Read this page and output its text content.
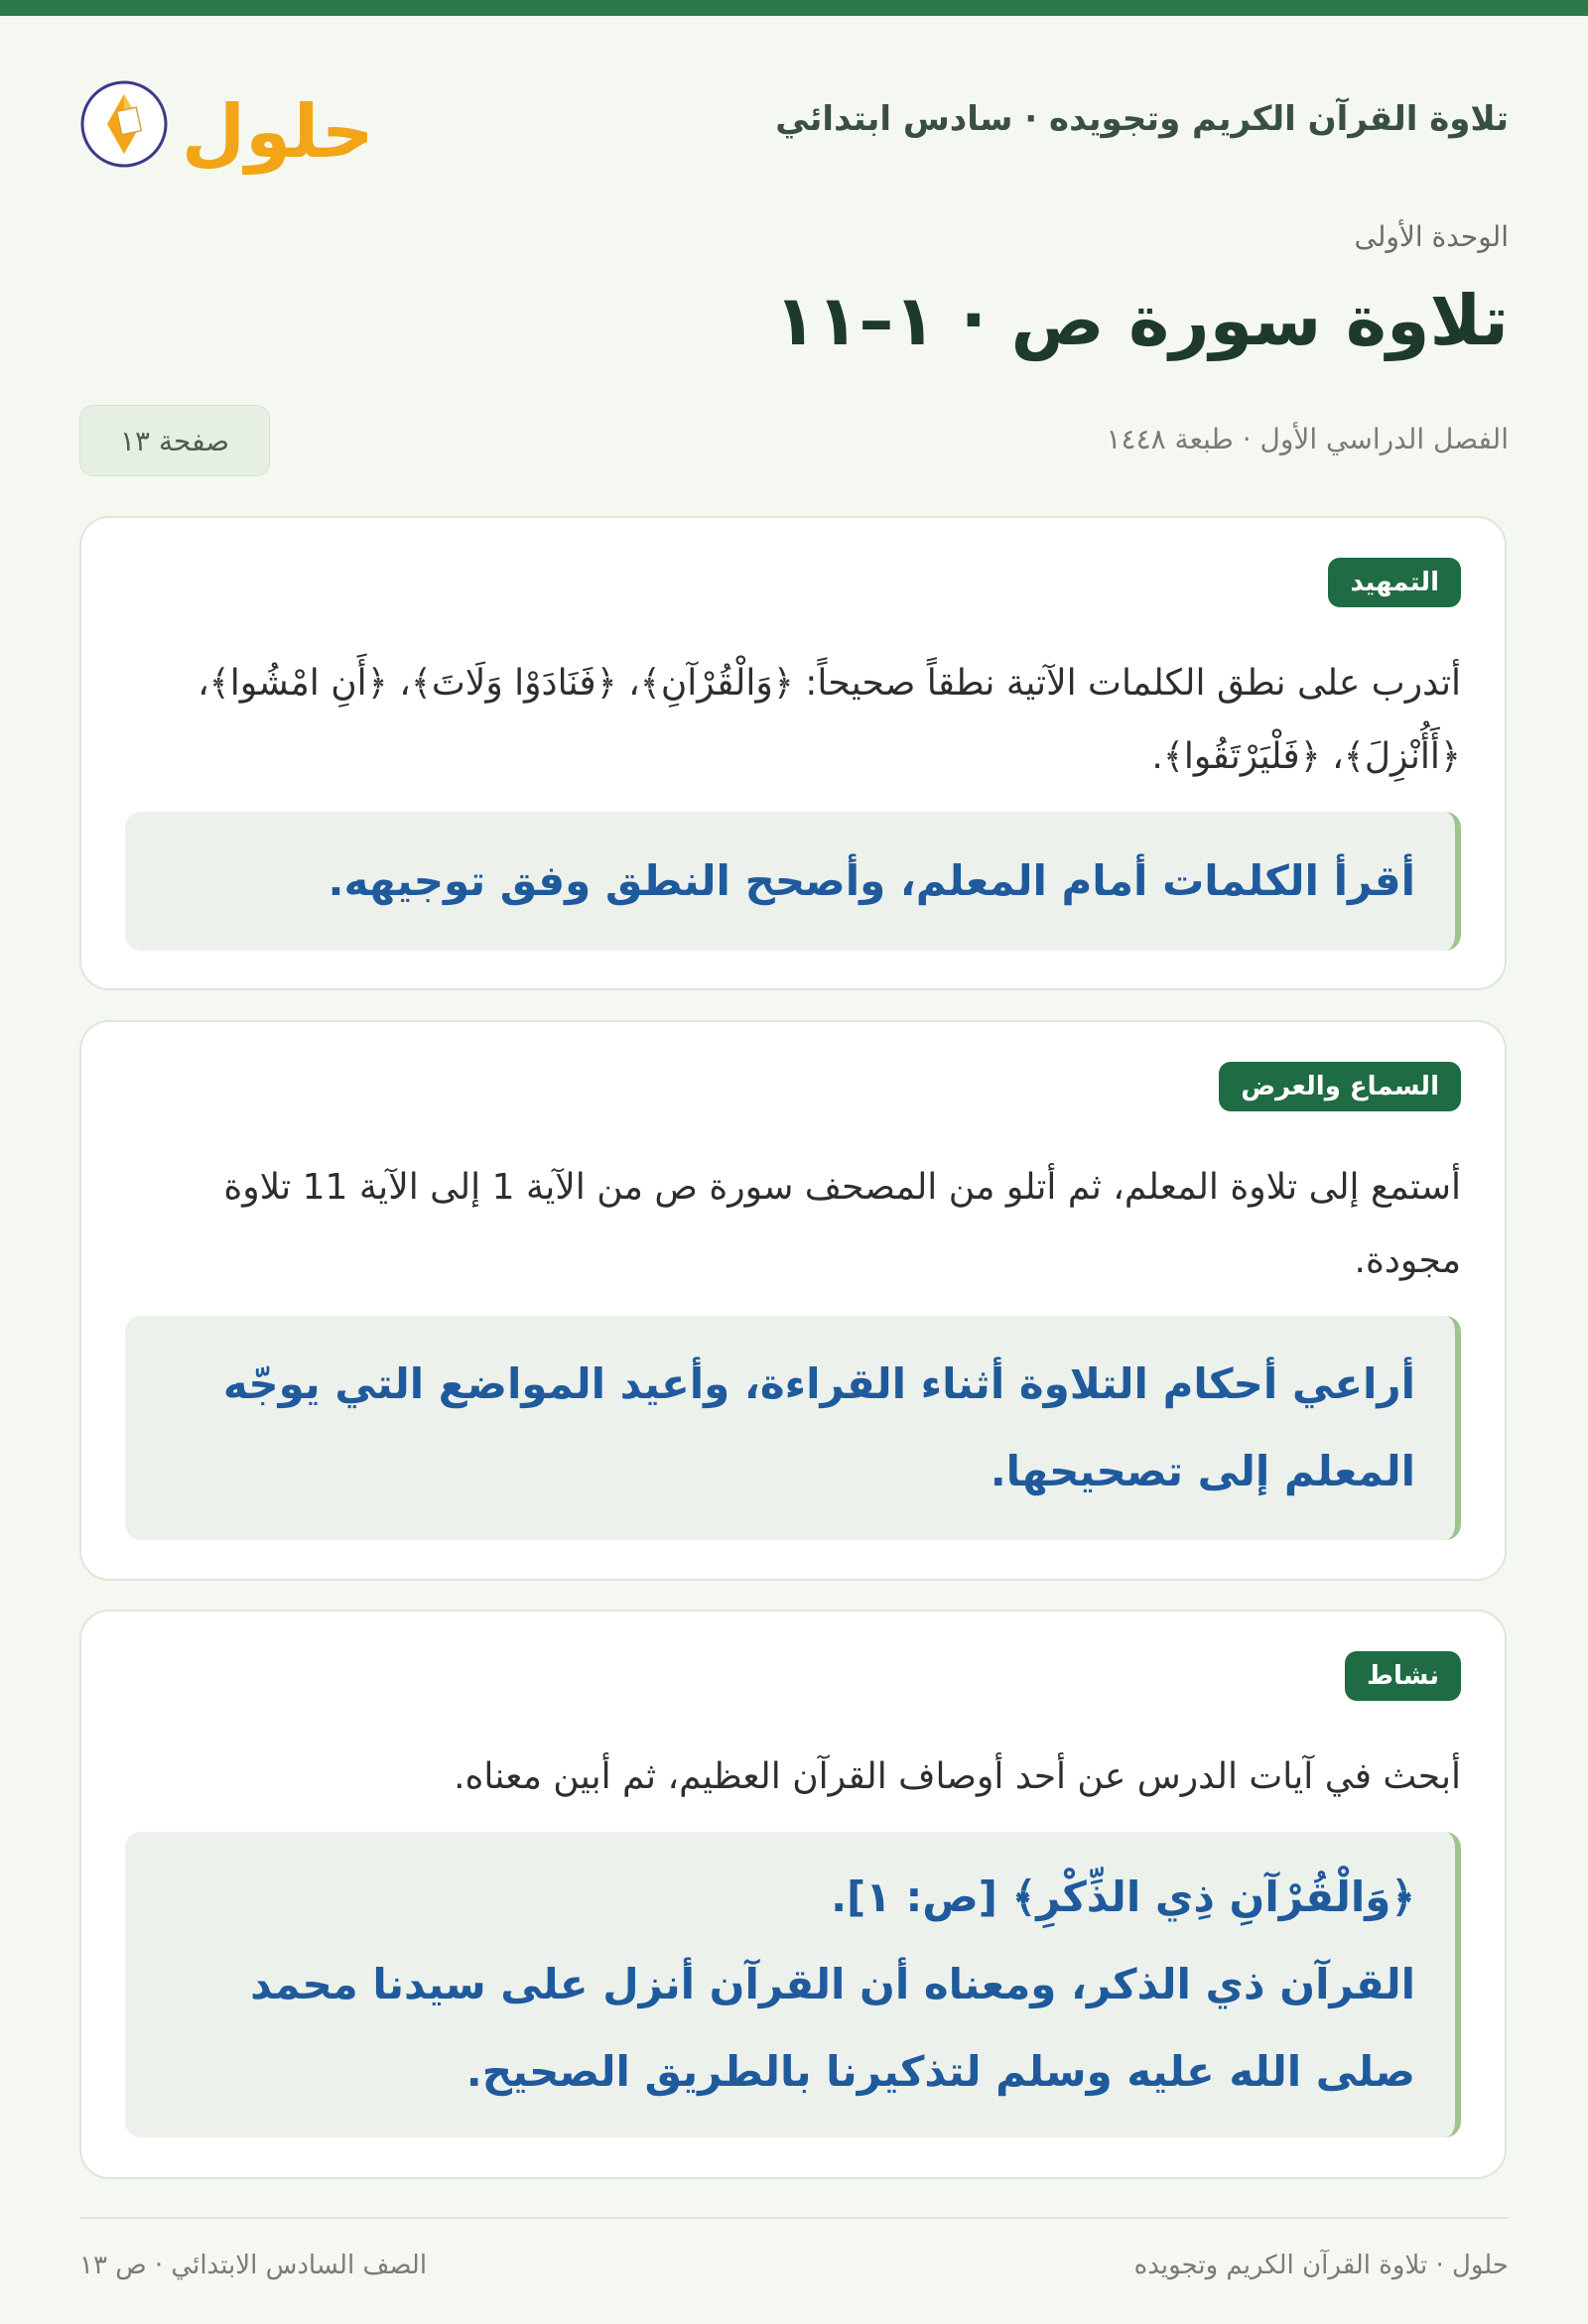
حلول	تلاوة القرآن الكريم وتجويده · سادس ابتدائي
الوحدة الأولى
تلاوة سورة ص · ١–١١
الفصل الدراسي الأول · طبعة ١٤٤٨
صفحة ١٣
التمهيد
أتدرب على نطق الكلمات الآتية نطقاً صحيحاً: ﴿وَالْقُرْآنِ﴾، ﴿فَنَادَوْا وَلَاتَ﴾، ﴿أَنِ امْشُوا﴾، ﴿أَأُنْزِلَ﴾، ﴿فَلْيَرْتَقُوا﴾.
أقرأ الكلمات أمام المعلم، وأصحح النطق وفق توجيهه.
السماع والعرض
أستمع إلى تلاوة المعلم، ثم أتلو من المصحف سورة ص من الآية 1 إلى الآية 11 تلاوة مجودة.
أراعي أحكام التلاوة أثناء القراءة، وأعيد المواضع التي يوجّه المعلم إلى تصحيحها.
نشاط
أبحث في آيات الدرس عن أحد أوصاف القرآن العظيم، ثم أبين معناه.
﴿وَالْقُرْآنِ ذِي الذِّكْرِ﴾ [ص: ١].
القرآن ذي الذكر، ومعناه أن القرآن أنزل على سيدنا محمد صلى الله عليه وسلم لتذكيرنا بالطريق الصحيح.
حلول · تلاوة القرآن الكريم وتجويده
الصف السادس الابتدائي · ص ١٣
